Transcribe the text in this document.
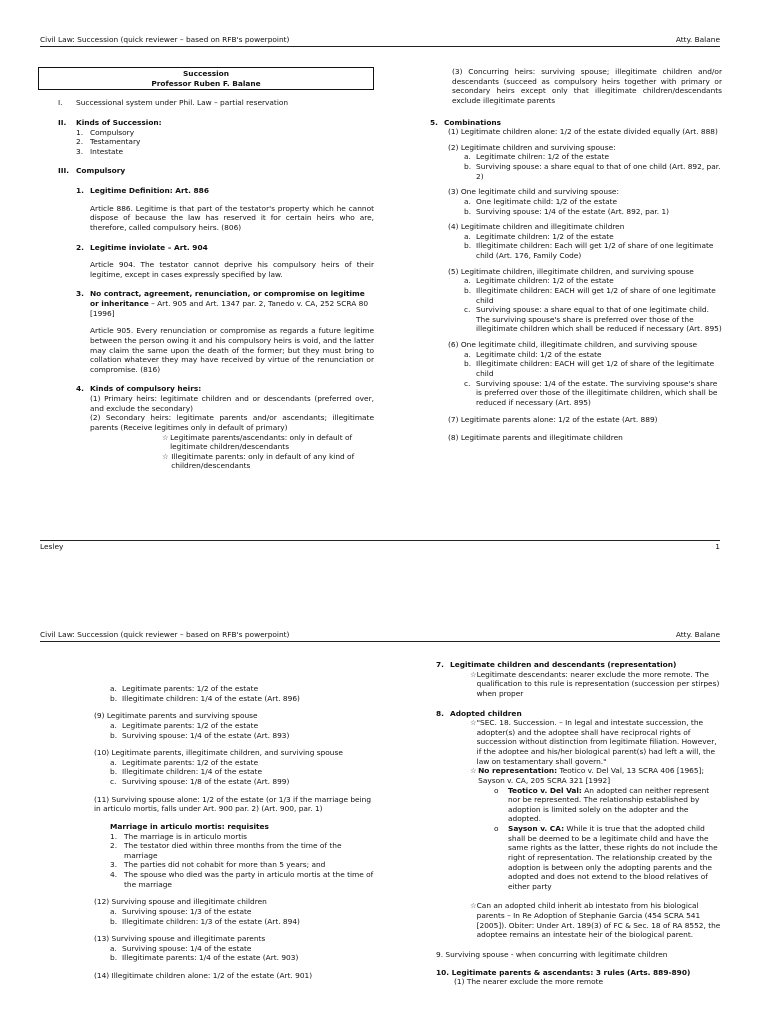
Civil Law: Succession (quick reviewer – based on RFB's powerpoint)	Atty. Balane
Succession
Professor Ruben F. Balane
I.	Successional system under Phil. Law – partial reservation
II.	Kinds of Succession:
1. Compulsory
2. Testamentary
3. Intestate
III. Compulsory
1. Legitime Definition: Art. 886

Article 886. Legitime is that part of the testator's property which he cannot dispose of because the law has reserved it for certain heirs who are, therefore, called compulsory heirs. (806)

2. Legitime inviolate – Art. 904

Article 904. The testator cannot deprive his compulsory heirs of their legitime, except in cases expressly specified by law.

3. No contract, agreement, renunciation, or compromise on legitime or inheritance – Art. 905 and Art. 1347 par. 2, Tanedo v. CA, 252 SCRA 80 [1996]

Article 905. Every renunciation or compromise as regards a future legitime between the person owing it and his compulsory heirs is void, and the latter may claim the same upon the death of the former; but they must bring to collation whatever they may have received by virtue of the renunciation or compromise. (816)

4. Kinds of compulsory heirs:

(1) Primary heirs: legitimate children and or descendants (preferred over, and exclude the secondary)

(2) Secondary heirs: legitimate parents and/or ascendants; illegitimate parents (Receive legitimes only in default of primary)

☆ Legitimate parents/ascendants: only in default of legitimate children/descendants
☆ Illegitimate parents: only in default of any kind of children/descendants

(3) Concurring heirs: surviving spouse; illegitimate children and/or descendants (succeed as compulsory heirs together with primary or secondary heirs except only that illegitimate children/descendants exclude illegitimate parents

5. Combinations

(1) Legitimate children alone: 1/2 of the estate divided equally (Art. 888)

(2) Legitimate children and surviving spouse:

a. Legitimate chilren: 1/2 of the estate
b. Surviving spouse: a share equal to that of one child (Art. 892, par. 2)

(3) One legitimate child and surviving spouse:

a. One legitimate child: 1/2 of the estate
b. Surviving spouse: 1/4 of the estate (Art. 892, par. 1)

(4) Legitimate children and illegitimate children

a. Legitimate children: 1/2 of the estate
b. Illegitimate children: Each will get 1/2 of share of one legitimate child (Art. 176, Family Code)

(5) Legitimate children, illegitimate children, and surviving spouse

a. Legitimate children: 1/2 of the estate
b. Illegitimate children: EACH will get 1/2 of share of one legitimate child
c. Surviving spouse: a share equal to that of one legitimate child. The surviving spouse's share is preferred over those of the illegitimate children which shall be reduced if necessary (Art. 895)

(6) One legitimate child, illegitimate children, and surviving spouse

a. Legitimate child: 1/2 of the estate
b. Illegitimate children: EACH will get 1/2 of share of the legitimate child
c. Surviving spouse: 1/4 of the estate. The surviving spouse's share is preferred over those of the illegitimate children, which shall be reduced if necessary (Art. 895)

(7) Legitimate parents alone: 1/2 of the estate (Art. 889)

(8) Legitimate parents and illegitimate children

Lesley	1
Civil Law: Succession (quick reviewer – based on RFB's powerpoint)	Atty. Balane
a. Legitimate parents: 1/2 of the estate
b. Illegitimate children: 1/4 of the estate (Art. 896)

(9) Legitimate parents and surviving spouse

a. Legitimate parents: 1/2 of the estate
b. Surviving spouse: 1/4 of the estate (Art. 893)

(10) Legitimate parents, illegitimate children, and surviving spouse

a. Legitimate parents: 1/2 of the estate
b. Illegitimate children: 1/4 of the estate
c. Surviving spouse: 1/8 of the estate (Art. 899)

(11) Surviving spouse alone: 1/2 of the estate (or 1/3 if the marriage being in articulo mortis, falls under Art. 900 par. 2) (Art. 900, par. 1)

Marriage in articulo mortis: requisites

1. The marriage is in articulo mortis
2. The testator died within three months from the time of the marriage
3. The parties did not cohabit for more than 5 years; and
4. The spouse who died was the party in articulo mortis at the time of the marriage

(12) Surviving spouse and illegitimate children

a. Surviving spouse: 1/3 of the estate
b. Illegitimate children: 1/3 of the estate (Art. 894)

(13) Surviving spouse and illegitimate parents

a. Surviving spouse: 1/4 of the estate
b. Illegitimate parents: 1/4 of the estate (Art. 903)

(14) Illegitimate children alone: 1/2 of the estate (Art. 901)

7. Legitimate children and descendants (representation)
☆ Legitimate descendants: nearer exclude the more remote. The qualification to this rule is representation (succession per stirpes) when proper
8. Adopted children
☆ "SEC. 18. Succession. – In legal and intestate succession, the adopter(s) and the adoptee shall have reciprocal rights of succession without distinction from legitimate filiation. However, if the adoptee and his/her biological parent(s) had left a will, the law on testamentary shall govern."
☆ No representation: Teotico v. Del Val, 13 SCRA 406 [1965]; Sayson v. CA, 205 SCRA 321 [1992]
o	Teotico v. Del Val: An adopted can neither represent nor be represented. The relationship established by adoption is limited solely on the adopter and the adopted.
o	Sayson v. CA: While it is true that the adopted child shall be deemed to be a legitimate child and have the same rights as the latter, these rights do not include the right of representation. The relationship created by the adoption is between only the adopting parents and the adopted and does not extend to the blood relatives of either party
☆ Can an adopted child inherit ab intestato from his biological parents – In Re Adoption of Stephanie Garcia (454 SCRA 541 [2005]). Obiter: Under Art. 189(3) of FC & Sec. 18 of RA 8552, the adoptee remains an intestate heir of the biological parent.

9. Surviving spouse - when concurring with legitimate children

10. Legitimate parents & ascendants: 3 rules (Arts. 889-890)

(1) The nearer exclude the more remote
